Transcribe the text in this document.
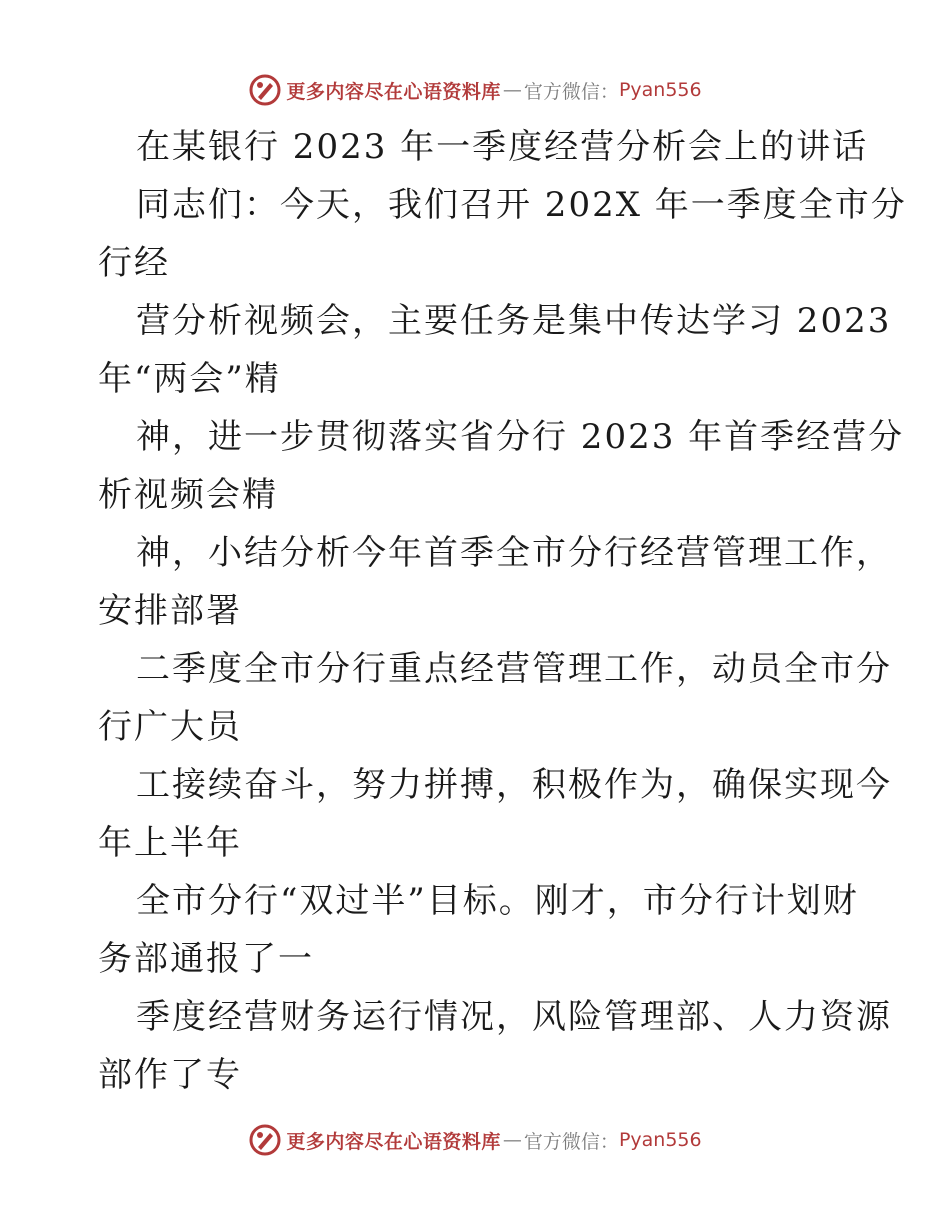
更多内容尽在心语资料库 — 官方微信： Pyan556
在某银行 2023 年一季度经营分析会上的讲话
同志们：今天，我们召开 202X 年一季度全市分
行经
营分析视频会，主要任务是集中传达学习 2023
年“两会”精
神，进一步贯彻落实省分行 2023 年首季经营分
析视频会精
神，小结分析今年首季全市分行经营管理工作，
安排部署
二季度全市分行重点经营管理工作，动员全市分
行广大员
工接续奋斗，努力拼搏，积极作为，确保实现今
年上半年
全市分行“双过半”目标。刚才，市分行计划财
务部通报了一
季度经营财务运行情况，风险管理部、人力资源
部作了专
更多内容尽在心语资料库 — 官方微信： Pyan556
